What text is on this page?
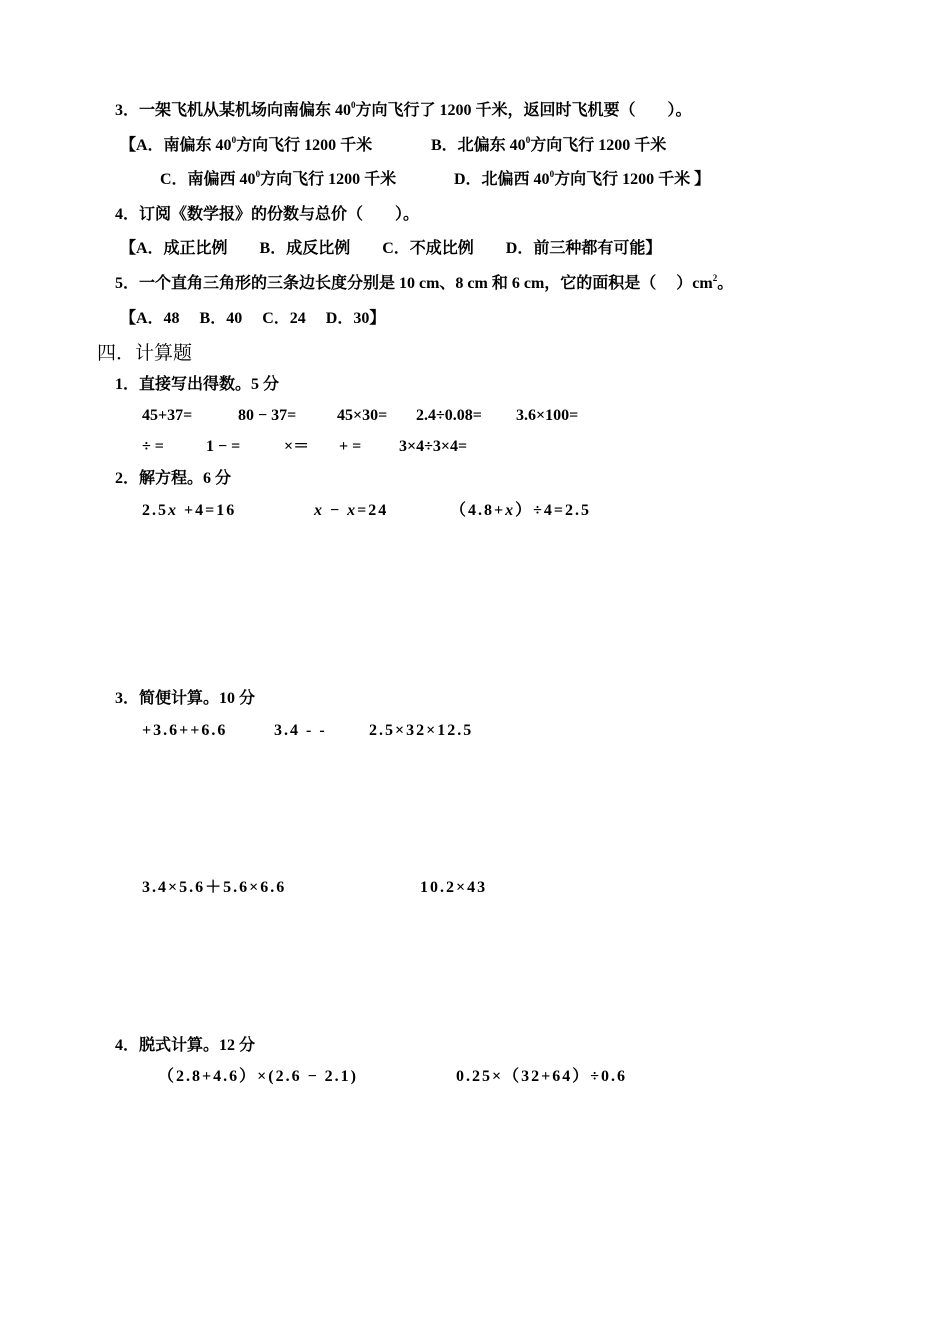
3．一架飞机从某机场向南偏东 $40^0$方向飞行了 1200 千米，返回时飞机要（　　）。
【A．南偏东 $40^0$方向飞行 1200 千米	B．北偏东 $40^0$方向飞行 1200 千米
C．南偏西 $40^0$方向飞行 1200 千米	D．北偏西 $40^0$方向飞行 1200 千米 】
4．订阅《数学报》的份数与总价（　　）。
【A．成正比例　　B．成反比例　　C．不成比例　　D．前三种都有可能】
5．一个直角三角形的三条边长度分别是 10 cm、8 cm 和 6 cm，它的面积是（　 ）$cm^2$。
【A．48　 B．40　 C．24　 D．30】
四．计算题
1．直接写出得数。5 分
45+37=	80 − 37=	45×30= 2.4÷0.08= 3.6×100=
÷ =	1 − =	×＝ + = 3×4÷3×4=
2．解方程。6 分
2.5x +4=16	x − x=24	（4.8+x）÷4=2.5
3．简便计算。10 分
+3.6++6.6	3.4 - -	2.5×32×12.5
3.4×5.6＋5.6×6.6	10.2×43
4．脱式计算。12 分
（2.8+4.6）×(2.6 − 2.1)	0.25×（32+64）÷0.6
